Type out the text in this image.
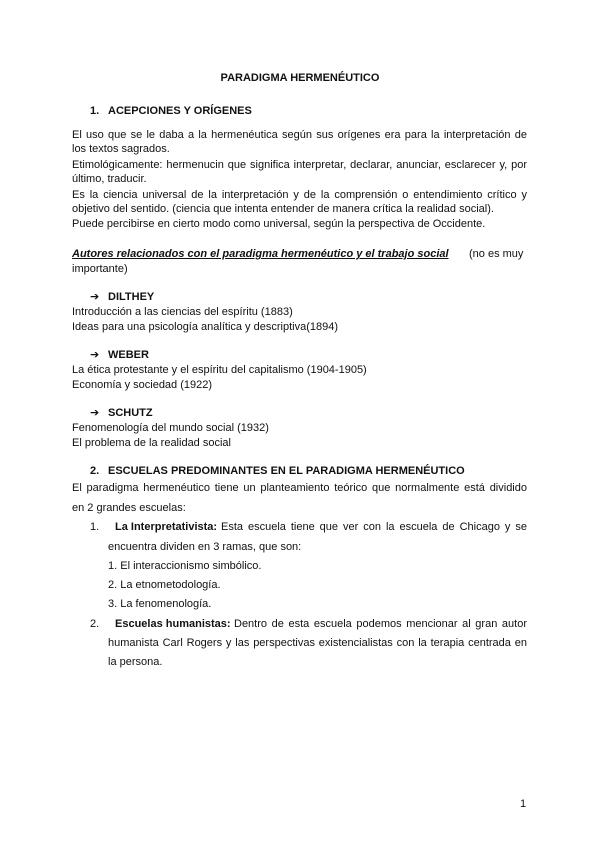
PARADIGMA HERMENÉUTICO
1. ACEPCIONES Y ORÍGENES
El uso que se le daba a la hermenéutica según sus orígenes era para la interpretación de
los textos sagrados.
Etimológicamente: hermenucin que significa interpretar, declarar, anunciar, esclarecer y, por
último, traducir.
Es la ciencia universal de la interpretación y de la comprensión o entendimiento crítico y
objetivo del sentido. (ciencia que intenta entender de manera crítica la realidad social).
Puede percibirse en cierto modo como universal, según la perspectiva de Occidente.
Autores relacionados con el paradigma hermenéutico y el trabajo social (no es muy
importante)
➔ DILTHEY
Introducción a las ciencias del espíritu (1883)
Ideas para una psicología analítica y descriptiva(1894)
➔ WEBER
La ética protestante y el espíritu del capitalismo (1904-1905)
Economía y sociedad (1922)
➔ SCHUTZ
Fenomenología del mundo social (1932)
El problema de la realidad social
2. ESCUELAS PREDOMINANTES EN EL PARADIGMA HERMENÉUTICO
El paradigma hermenéutico tiene un planteamiento teórico que normalmente está dividido
en 2 grandes escuelas:
1. La Interpretativista: Esta escuela tiene que ver con la escuela de Chicago y se
encuentra dividen en 3 ramas, que son:
1. El interaccionismo simbólico.
2. La etnometodología.
3. La fenomenología.
2. Escuelas humanistas: Dentro de esta escuela podemos mencionar al gran autor
humanista Carl Rogers y las perspectivas existencialistas con la terapia centrada en
la persona.
1
